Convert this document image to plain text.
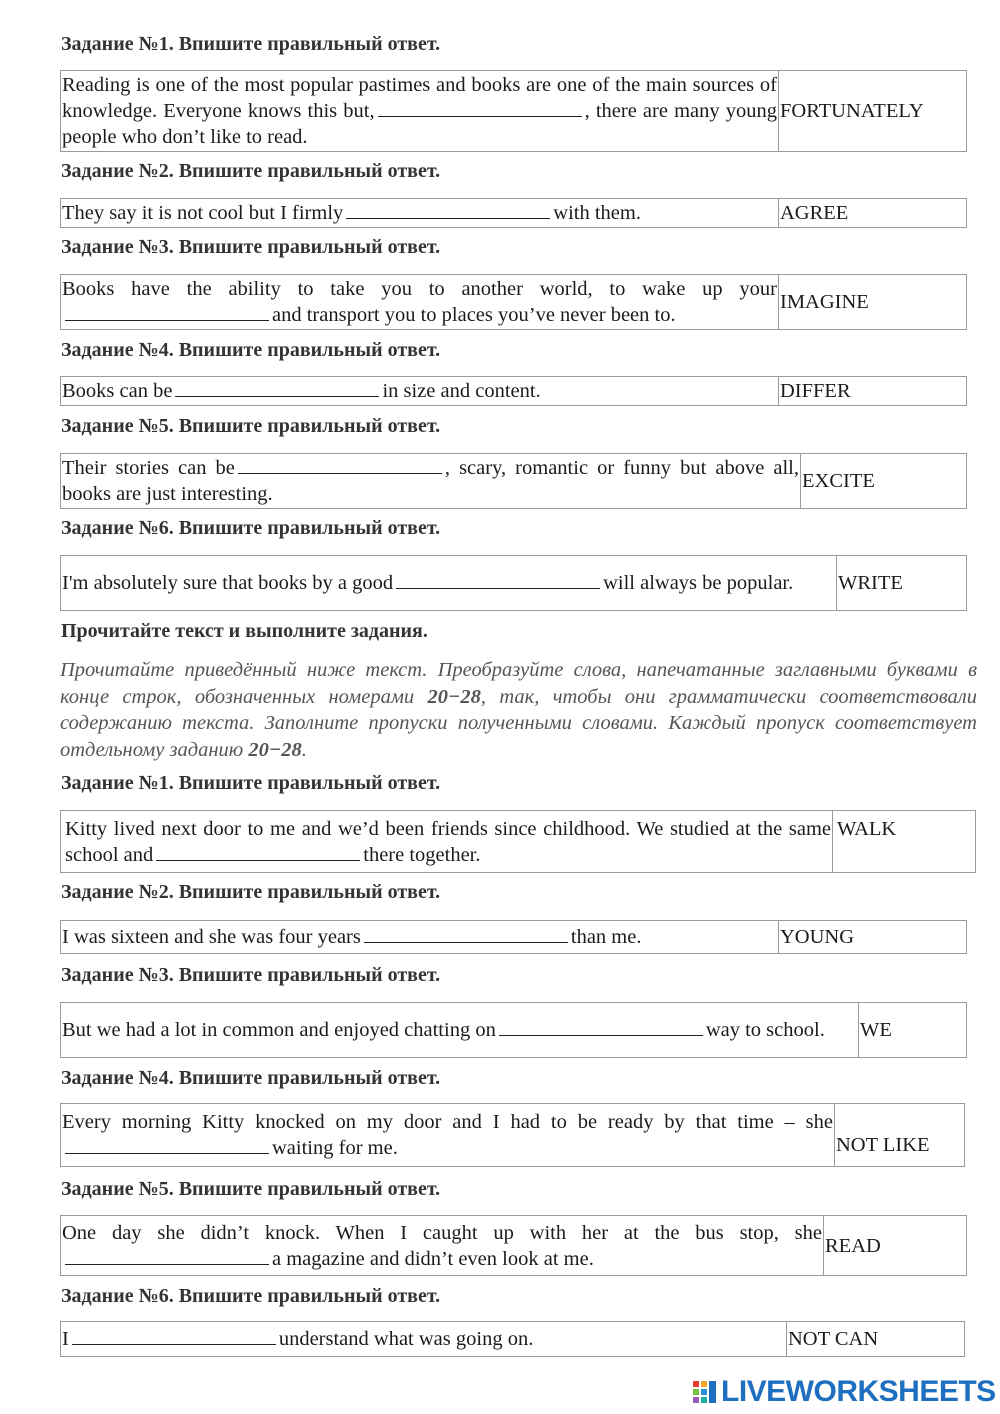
Задание №1. Впишите правильный ответ.
Reading is one of the most popular pastimes and books are one of the main sources of knowledge. Everyone knows this but,	, there are many young people who don’t like to read.	FORTUNATELY
Задание №2. Впишите правильный ответ.
They say it is not cool but I firmly	with them.	AGREE
Задание №3. Впишите правильный ответ.
Books have the ability to take you to another world, to wake up yourand transport you to places you’ve never been to.	IMAGINE
Задание №4. Впишите правильный ответ.
Books can be	in size and content.	DIFFER
Задание №5. Впишите правильный ответ.
Their stories can be	, scary, romantic or funny but above all, books are just interesting.	EXCITE
Задание №6. Впишите правильный ответ.
I'm absolutely sure that books by a good	will always be popular.	WRITE
Прочитайте текст и выполните задания.

Прочитайте приведённый ниже текст. Преобразуйте слова, напечатанные заглавными буквами в конце строк, обозначенных номерами 20−28, так, чтобы они грамматически соответствовали содержанию текста. Заполните пропуски полученными словами. Каждый пропуск соответствует отдельному заданию 20−28.

Задание №1. Впишите правильный ответ.
Kitty lived next door to me and we’d been friends since childhood. We studied at the same school and	there together.	WALK
Задание №2. Впишите правильный ответ.
I was sixteen and she was four years	than me.	YOUNG
Задание №3. Впишите правильный ответ.
But we had a lot in common and enjoyed chatting on	way to school.	WE
Задание №4. Впишите правильный ответ.
Every morning Kitty knocked on my door and I had to be ready by that time – shewaiting for me.	NOT LIKE
Задание №5. Впишите правильный ответ.
One day she didn’t knock. When I caught up with her at the bus stop, shea magazine and didn’t even look at me.	READ
Задание №6. Впишите правильный ответ.
I	understand what was going on.	NOT CAN
LIVEWORKSHEETS
